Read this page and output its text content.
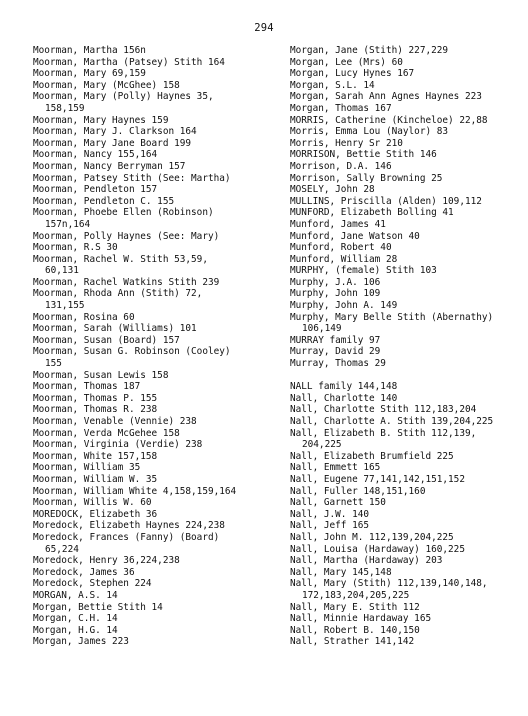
294
Moorman, Martha 156n
Moorman, Martha (Patsey) Stith 164
Moorman, Mary 69,159
Moorman, Mary (McGhee) 158
Moorman, Mary (Polly) Haynes 35,
158,159
Moorman, Mary Haynes 159
Moorman, Mary J. Clarkson 164
Moorman, Mary Jane Board 199
Moorman, Nancy 155,164
Moorman, Nancy Berryman 157
Moorman, Patsey Stith (See: Martha)
Moorman, Pendleton 157
Moorman, Pendleton C. 155
Moorman, Phoebe Ellen (Robinson)
157n,164
Moorman, Polly Haynes (See: Mary)
Moorman, R.S 30
Moorman, Rachel W. Stith 53,59,
60,131
Moorman, Rachel Watkins Stith 239
Moorman, Rhoda Ann (Stith) 72,
131,155
Moorman, Rosina 60
Moorman, Sarah (Williams) 101
Moorman, Susan (Board) 157
Moorman, Susan G. Robinson (Cooley)
155
Moorman, Susan Lewis 158
Moorman, Thomas 187
Moorman, Thomas P. 155
Moorman, Thomas R. 238
Moorman, Venable (Vennie) 238
Moorman, Verda McGehee 158
Moorman, Virginia (Verdie) 238
Moorman, White 157,158
Moorman, William 35
Moorman, William W. 35
Moorman, William White 4,158,159,164
Moorman, Willis W. 60
MOREDOCK, Elizabeth 36
Moredock, Elizabeth Haynes 224,238
Moredock, Frances (Fanny) (Board)
65,224
Moredock, Henry 36,224,238
Moredock, James 36
Moredock, Stephen 224
MORGAN, A.S. 14
Morgan, Bettie Stith 14
Morgan, C.H. 14
Morgan, H.G. 14
Morgan, James 223
Morgan, Jane (Stith) 227,229
Morgan, Lee (Mrs) 60
Morgan, Lucy Hynes 167
Morgan, S.L. 14
Morgan, Sarah Ann Agnes Haynes 223
Morgan, Thomas 167
MORRIS, Catherine (Kincheloe) 22,88
Morris, Emma Lou (Naylor) 83
Morris, Henry Sr 210
MORRISON, Bettie Stith 146
Morrison, D.A. 146
Morrison, Sally Browning 25
MOSELY, John 28
MULLINS, Priscilla (Alden) 109,112
MUNFORD, Elizabeth Bolling 41
Munford, James 41
Munford, Jane Watson 40
Munford, Robert 40
Munford, William 28
MURPHY, (female) Stith 103
Murphy, J.A. 106
Murphy, John 109
Murphy, John A. 149
Murphy, Mary Belle Stith (Abernathy)
106,149
MURRAY family 97
Murray, David 29
Murray, Thomas 29
NALL family 144,148
Nall, Charlotte 140
Nall, Charlotte Stith 112,183,204
Nall, Charlotte A. Stith 139,204,225
Nall, Elizabeth B. Stith 112,139,
204,225
Nall, Elizabeth Brumfield 225
Nall, Emmett 165
Nall, Eugene 77,141,142,151,152
Nall, Fuller 148,151,160
Nall, Garnett 150
Nall, J.W. 140
Nall, Jeff 165
Nall, John M. 112,139,204,225
Nall, Louisa (Hardaway) 160,225
Nall, Martha (Hardaway) 203
Nall, Mary 145,148
Nall, Mary (Stith) 112,139,140,148,
172,183,204,205,225
Nall, Mary E. Stith 112
Nall, Minnie Hardaway 165
Nall, Robert B. 140,150
Nall, Strather 141,142
